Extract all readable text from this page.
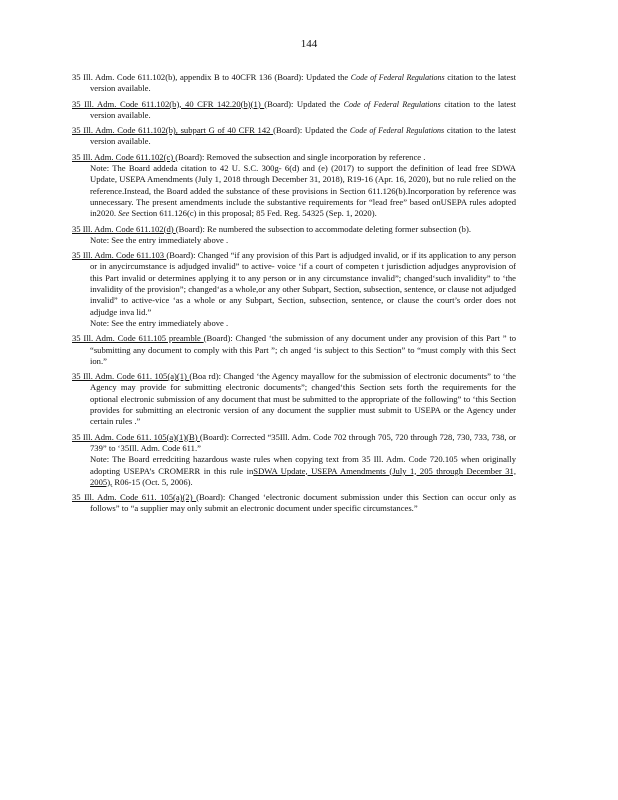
144

35 Ill. Adm. Code 611.102(b), appendix B to 40CFR 136 (Board): Updated the Code of Federal Regulations citation to the latest version available.

35 Ill. Adm. Code 611.102(b), 40 CFR 142.20(b)(1) (Board): Updated the Code of Federal Regulations citation to the latest version available.

35 Ill. Adm. Code 611.102(b), subpart G of 40 CFR 142 (Board): Updated the Code of Federal Regulations citation to the latest version available.

35 Ill. Adm. Code 611.102(c) (Board): Removed the subsection and single incorporation by reference .
Note: The Board addeda citation to 42 U. S.C. 300g- 6(d) and (e) (2017) to support the definition of lead free SDWA Update, USEPA Amendments (July 1, 2018 through December 31, 2018), R19-16 (Apr. 16, 2020), but no rule relied on the reference.Instead, the Board added the substance of these provisions in Section 611.126(b).Incorporation by reference was unnecessary. The present amendments include the substantive requirements for “lead free” based onUSEPA rules adopted in2020. See Section 611.126(c) in this proposal; 85 Fed. Reg. 54325 (Sep. 1, 2020).

35 Ill. Adm. Code 611.102(d) (Board): Re numbered the subsection to accommodate deleting former subsection (b).
Note: See the entry immediately above .

35 Ill. Adm. Code 611.103 (Board): Changed “if any provision of this Part is adjudged invalid, or if its application to any person or in anycircumstance is adjudged invalid” to active- voice ‘if a court of competen t jurisdiction adjudges anyprovision of this Part invalid or determines applying it to any person or in any circumstance invalid”; changed‘such invalidity” to ‘the invalidity of the provision”; changed‘as a whole,or any other Subpart, Section, subsection, sentence, or clause not adjudged invalid” to active-vice ‘as a whole or any Subpart, Section, subsection, sentence, or clause the court’s order does not adjudge inva lid.”
Note: See the entry immediately above .

35 Ill. Adm. Code 611.105 preamble (Board): Changed ‘the submission of any document under any provision of this Part ” to “submitting any document to comply with this Part ”; ch anged ‘is subject to this Section” to “must comply with this Sect ion.”

35 Ill. Adm. Code 611. 105(a)(1) (Boa rd): Changed ‘the Agency mayallow for the submission of electronic documents” to ‘the Agency may provide for submitting electronic documents”; changed‘this Section sets forth the requirements for the optional electronic submission of any document that must be submitted to the appropriate of the following” to ‘this Section provides for submitting an electronic version of any document the supplier must submit to USEPA or the Agency under certain rules .”

35 Ill. Adm. Code 611. 105(a)(1)(B) (Board): Corrected “35Ill. Adm. Code 702 through 705, 720 through 728, 730, 733, 738, or 739” to ‘35Ill. Adm. Code 611.”
Note: The Board erredciting hazardous waste rules when copying text from 35 Ill. Adm. Code 720.105 when originally adopting USEPA’s CROMERR in this rule inSDWA Update, USEPA Amendments (July 1, 205 through December 31, 2005), R06-15 (Oct. 5, 2006).

35 Ill. Adm. Code 611. 105(a)(2) (Board): Changed ‘electronic document submission under this Section can occur only as follows” to “a supplier may only submit an electronic document under specific circumstances.”
